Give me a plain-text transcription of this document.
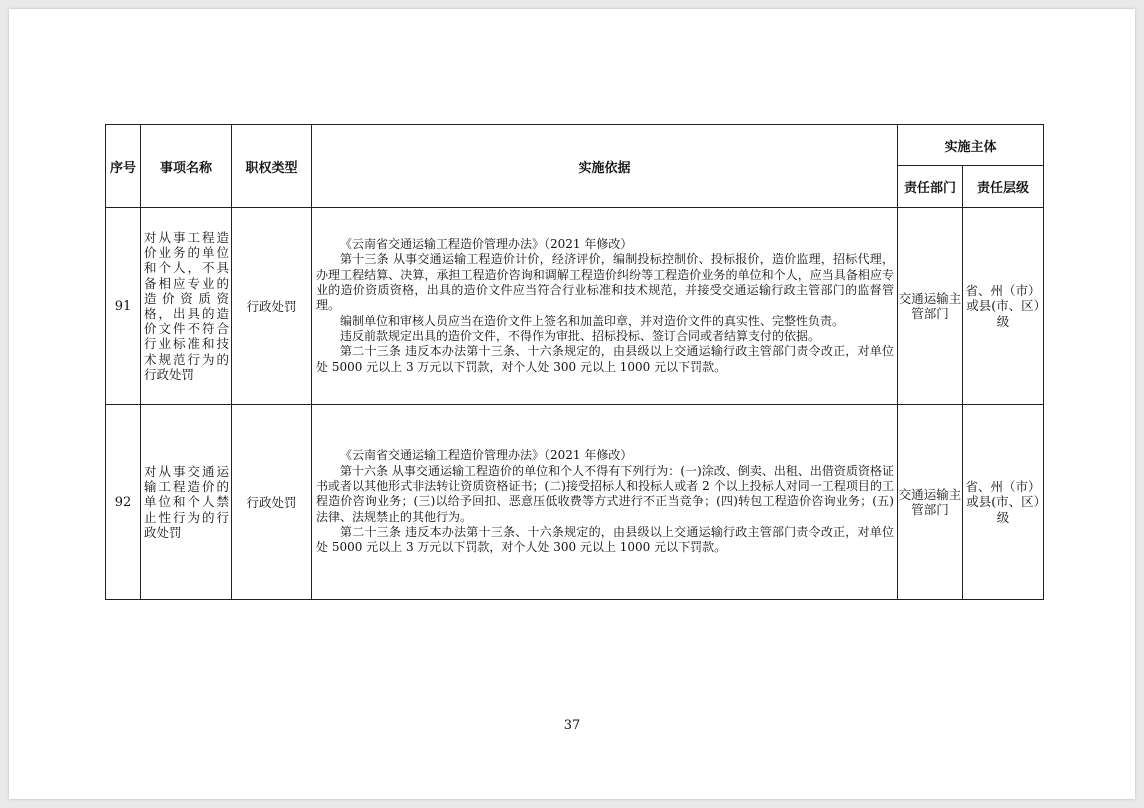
序号	事项名称	职权类型	实施依据	实施主体	
				责任部门	责任层级
91	对从事工程造价业务的单位和个人，不具备相应专业的造价资质资格，出具的造价文件不符合行业标准和技术规范行为的行政处罚	行政处罚	《云南省交通运输工程造价管理办法》（2021 年修改）

第十三条 从事交通运输工程造价计价，经济评价，编制投标控制价、投标报价，造价监理，招标代理，办理工程结算、决算，承担工程造价咨询和调解工程造价纠纷等工程造价业务的单位和个人，应当具备相应专业的造价资质资格，出具的造价文件应当符合行业标准和技术规范，并接受交通运输行政主管部门的监督管理。

编制单位和审核人员应当在造价文件上签名和加盖印章，并对造价文件的真实性、完整性负责。

违反前款规定出具的造价文件，不得作为审批、招标投标、签订合同或者结算支付的依据。

第二十三条 违反本办法第十三条、十六条规定的，由县级以上交通运输行政主管部门责令改正，对单位处 5000 元以上 3 万元以下罚款，对个人处 300 元以上 1000 元以下罚款。	交通运输主管部门	省、州（市）或县(市、区）级
92	对从事交通运输工程造价的单位和个人禁止性行为的行政处罚	行政处罚	《云南省交通运输工程造价管理办法》（2021 年修改）

第十六条 从事交通运输工程造价的单位和个人不得有下列行为：(一)涂改、倒卖、出租、出借资质资格证书或者以其他形式非法转让资质资格证书；(二)接受招标人和投标人或者 2 个以上投标人对同一工程项目的工程造价咨询业务；(三)以给予回扣、恶意压低收费等方式进行不正当竞争；(四)转包工程造价咨询业务；(五)法律、法规禁止的其他行为。

第二十三条 违反本办法第十三条、十六条规定的，由县级以上交通运输行政主管部门责令改正，对单位处 5000 元以上 3 万元以下罚款，对个人处 300 元以上 1000 元以下罚款。	交通运输主管部门	省、州（市）或县(市、区）级
37
